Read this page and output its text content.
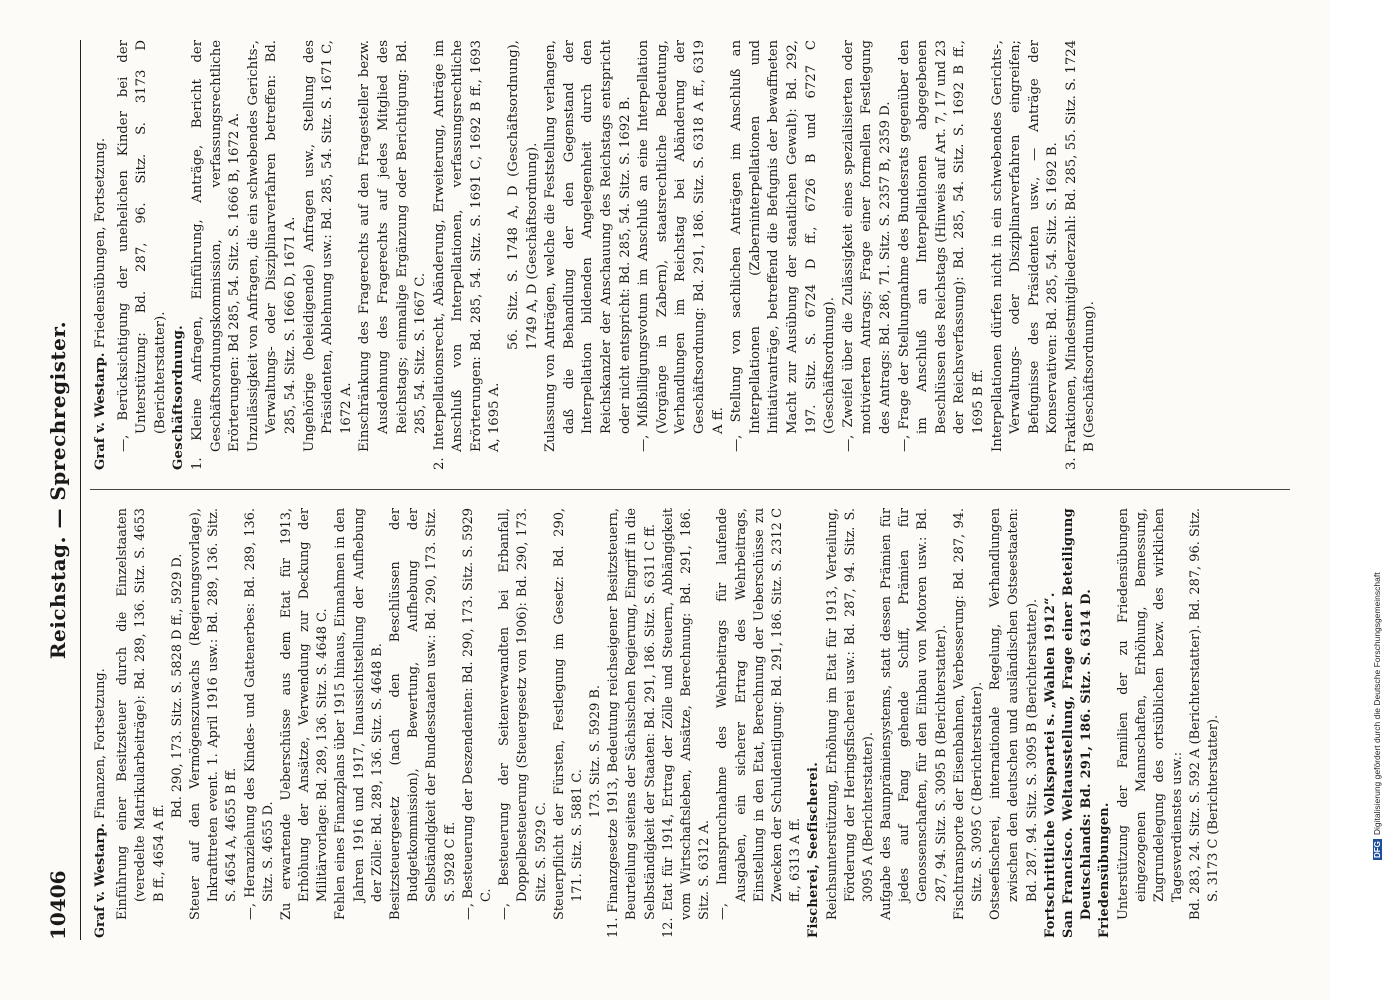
10406
Reichstag. — Sprechregister.
Graf v. Westarp. Finanzen, Fortsetzung. Einführung einer Besitzsteuer durch die Einzelstaaten (veredelte Matrikularbeiträge): Bd. 289, 136. Sitz. S. 4653 B ff., 4654 A ff.

Bd. 290, 173. Sitz. S. 5828 D ff., 5929 D. Steuer auf den Vermögenszuwachs (Regierungsvorlage), Inkrafttreten event. 1. April 1916 usw.: Bd. 289, 136. Sitz. S. 4654 A, 4655 B ff. —, Heranziehung des Kindes- und Gattenerbes: Bd. 289, 136. Sitz. S. 4655 D. Zu erwartende Ueberschüsse aus dem Etat für 1913, Erhöhung der Ansätze, Verwendung zur Deckung der Militärvorlage: Bd. 289, 136. Sitz. S. 4648 C. Fehlen eines Finanzplans über 1915 hinaus, Einnahmen in den Jahren 1916 und 1917, Inaussichtstellung der Aufhebung der Zölle: Bd. 289, 136. Sitz. S. 4648 B. Besitzsteuergesetz (nach den Beschlüssen der Budgetkommission), Bewertung, Aufhebung der Selbständigkeit der Bundesstaaten usw.: Bd. 290, 173. Sitz. S. 5928 C ff. —, Besteuerung der Deszendenten: Bd. 290, 173. Sitz. S. 5929 C. —, Besteuerung der Seitenverwandten bei Erbanfall, Doppelbesteuerung (Steuergesetz von 1906): Bd. 290, 173. Sitz. S. 5929 C. Steuerpflicht der Fürsten, Festlegung im Gesetz: Bd. 290, 171. Sitz. S. 5881 C.

173. Sitz. S. 5929 B. 11. Finanzgesetze 1913, Bedeutung reichseigener Besitzsteuern, Beurteilung seitens der Sächsischen Regierung, Eingriff in die Selbständigkeit der Staaten: Bd. 291, 186. Sitz. S. 6311 C ff. 12. Etat für 1914, Ertrag der Zölle und Steuern, Abhängigkeit vom Wirtschaftsleben, Ansätze, Berechnung: Bd. 291, 186. Sitz. S. 6312 A. —, Inanspruchnahme des Wehrbeitrags für laufende Ausgaben, ein sicherer Ertrag des Wehrbeitrags, Einstellung in den Etat, Berechnung der Ueberschüsse zu Zwecken der Schuldentilgung: Bd. 291, 186. Sitz. S. 2312 C ff., 6313 A ff. Fischerei, Seefischerei. Reichsunterstützung, Erhöhung im Etat für 1913, Verteilung, Förderung der Heringsfischerei usw.: Bd. 287, 94. Sitz. S. 3095 A (Berichterstatter). Aufgabe des Baunprämiensystems, statt dessen Prämien für jedes auf Fang gehende Schiff, Prämien für Genossenschaften, für den Einbau von Motoren usw.: Bd. 287, 94. Sitz. S. 3095 B (Berichterstatter). Fischtransporte der Eisenbahnen, Verbesserung: Bd. 287, 94. Sitz. S. 3095 C (Berichterstatter). Ostseefischerei, internationale Regelung, Verhandlungen zwischen den deutschen und ausländischen Ostseestaaten: Bd. 287. 94. Sitz. S. 3095 B (Berichterstatter). Fortschrittliche Volkspartei s. „Wahlen 1912“. San Francisco. Weltausstellung, Frage einer Beteiligung Deutschlands: Bd. 291, 186. Sitz. S. 6314 D. Friedensübungen. Unterstützung der Familien der zu Friedensübungen eingezogenen Mannschaften, Erhöhung, Bemessung, Zugrundelegung des ortsüblichen bezw. des wirklichen Tagesverdienstes usw.: Bd. 283, 24. Sitz. S. 592 A (Berichterstatter). Bd. 287, 96. Sitz. S. 3173 C (Berichterstatter).

Graf v. Westarp. Friedensübungen, Fortsetzung. —, Berücksichtigung der unehelichen Kinder bei der Unterstützung: Bd. 287, 96. Sitz. S. 3173 D (Berichterstatter). Geschäftsordnung. 1. Kleine Anfragen, Einführung, Anträge, Bericht der Geschäftsordnungskommission, verfassungsrechtliche Erörterungen: Bd 285, 54. Sitz. S. 1666 B, 1672 A. Unzulässigkeit von Anfragen, die ein schwebendes Gerichts-, Verwaltungs- oder Disziplinarverfahren betreffen: Bd. 285, 54. Sitz. S. 1666 D, 1671 A. Ungehörige (beleidigende) Anfragen usw., Stellung des Präsidenten, Ablehnung usw.: Bd. 285, 54. Sitz. S. 1671 C, 1672 A. Einschränkung des Fragerechts auf den Fragesteller bezw. Ausdehnung des Fragerechts auf jedes Mitglied des Reichstags; einmalige Ergänzung oder Berichtigung: Bd. 285, 54. Sitz. S. 1667 C. 2. Interpellationsrecht, Abänderung, Erweiterung, Anträge im Anschluß von Interpellationen, verfassungsrechtliche Erörterungen: Bd. 285, 54. Sitz. S. 1691 C, 1692 B ff., 1693 A, 1695 A.

56. Sitz. S. 1748 A, D (Geschäftsordnung), 1749 A, D (Geschäftsordnung). Zulassung von Anträgen, welche die Feststellung verlangen, daß die Behandlung der den Gegenstand der Interpellation bildenden Angelegenheit durch den Reichskanzler der Anschauung des Reichstags entspricht oder nicht entspricht: Bd. 285, 54. Sitz. S. 1692 B. —, Mißbilligungsvotum im Anschluß an eine Interpellation (Vorgänge in Zabern), staatsrechtliche Bedeutung, Verhandlungen im Reichstag bei Abänderung der Geschäftsordnung: Bd. 291, 186. Sitz. S. 6318 A ff., 6319 A ff. —, Stellung von sachlichen Anträgen im Anschluß an Interpellationen (Zaberninterpellationen und Initiativanträge, betreffend die Befugnis der bewaffneten Macht zur Ausübung der staatlichen Gewalt): Bd. 292, 197. Sitz. S. 6724 D ff., 6726 B und 6727 C (Geschäftsordnung). —, Zweifel über die Zulässigkeit eines spezialisierten oder motivierten Antrags; Frage einer formellen Festlegung des Antrags: Bd. 286, 71. Sitz. S. 2357 B, 2359 D. —, Frage der Stellungnahme des Bundesrats gegenüber den im Anschluß an Interpellationen abgegebenen Beschlüssen des Reichstags (Hinweis auf Art. 7, 17 und 23 der Reichsverfassung): Bd. 285, 54. Sitz. S. 1692 B ff., 1695 B ff. Interpellationen dürfen nicht in ein schwebendes Gerichts-, Verwaltungs- oder Disziplinarverfahren eingreifen; Befugnisse des Präsidenten usw., — Anträge der Konservativen: Bd. 285, 54. Sitz. S. 1692 B. 3. Fraktionen, Mindestmitgliederzahl: Bd. 285, 55. Sitz. S. 1724 B (Geschäftsordnung).

DFGDigitalisierung gefördert durch die Deutsche Forschungsgemeinschaft
